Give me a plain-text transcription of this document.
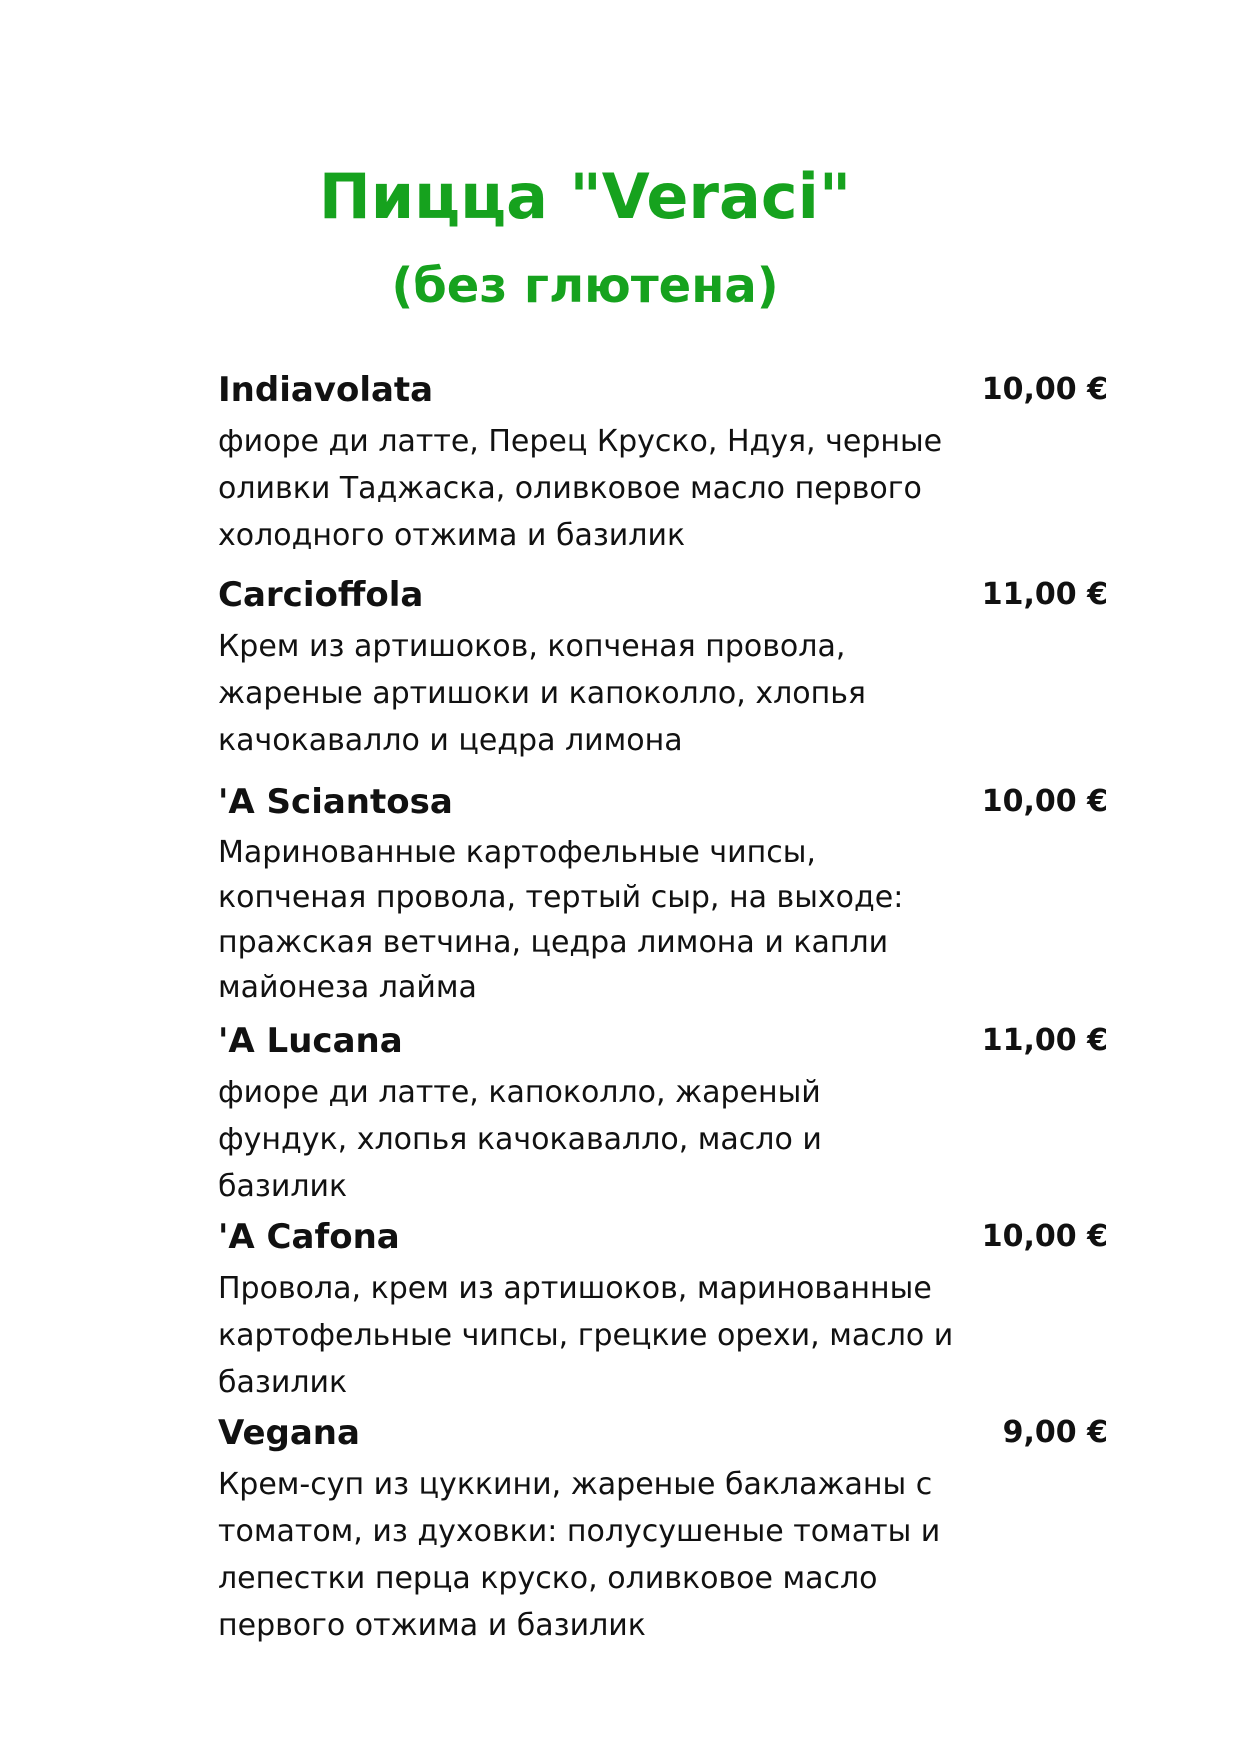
Пицца "Veraci"
(без глютена)
Indiavolata	10,00 €

фиоре ди латте, Перец Круско, Ндуя, черные оливки Таджаска, оливковое масло первого холодного отжима и базилик

Carcioffola	11,00 €

Крем из артишоков, копченая провола, жареные артишоки и капоколло, хлопья качокавалло и цедра лимона

'A Sciantosa	10,00 €

Маринованные картофельные чипсы, копченая провола, тертый сыр, на выходе: пражская ветчина, цедра лимона и капли майонеза лайма

'A Lucana	11,00 €

фиоре ди латте, капоколло, жареный фундук, хлопья качокавалло, масло и базилик

'A Cafona	10,00 €

Провола, крем из артишоков, маринованные картофельные чипсы, грецкие орехи, масло и базилик

Vegana	9,00 €

Крем-суп из цуккини, жареные баклажаны с томатом, из духовки: полусушеные томаты и лепестки перца круско, оливковое масло первого отжима и базилик
